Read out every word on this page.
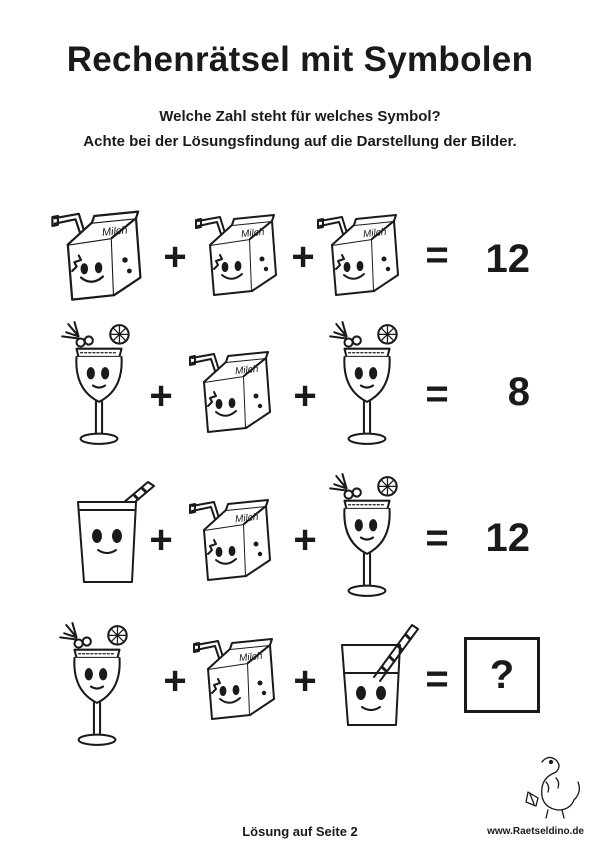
Rechenrätsel mit Symbolen
Welche Zahl steht für welches Symbol?
Achte bei der Lösungsfindung auf die Darstellung der Bilder.
+	+	= 12
+	+	=	8
+	+	= 12
+	+	= ?
Lösung auf Seite 2	www.Raetseldino.de
